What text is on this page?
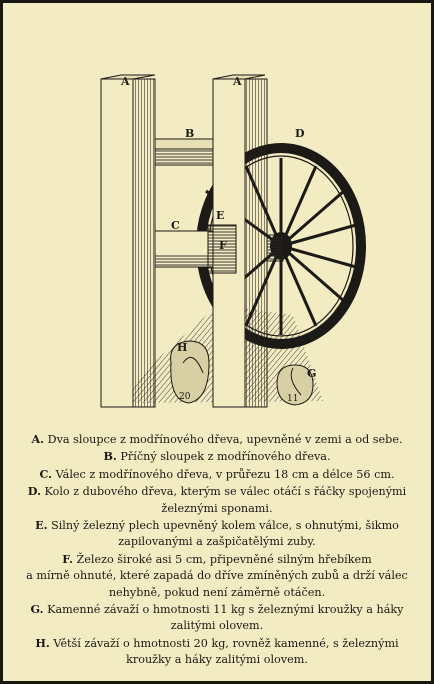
20	11
A	A
B
C
D
E
F
G
H
A. Dva sloupce z modřínového dřeva, upevněné v zemi a od sebe.
B. Příčný sloupek z modřínového dřeva.
C. Válec z modřínového dřeva, v průřezu 18 cm a délce 56 cm.
D. Kolo z dubového dřeva, kterým se válec otáčí s řáčky spojenými
železnými sponami.
E. Silný železný plech upevněný kolem válce, s ohnutými, šikmo
zapilovanými a zašpičatělými zuby.
F. Železo široké asi 5 cm, připevněné silným hřebíkem
a mírně ohnuté, které zapadá do dříve zmíněných zubů a drží válec
nehybně, pokud není záměrně otáčen.
G. Kamenné závaží o hmotnosti 11 kg s železnými kroužky a háky
zalitými olovem.
H. Větší závaží o hmotnosti 20 kg, rovněž kamenné, s železnými
kroužky a háky zalitými olovem.
